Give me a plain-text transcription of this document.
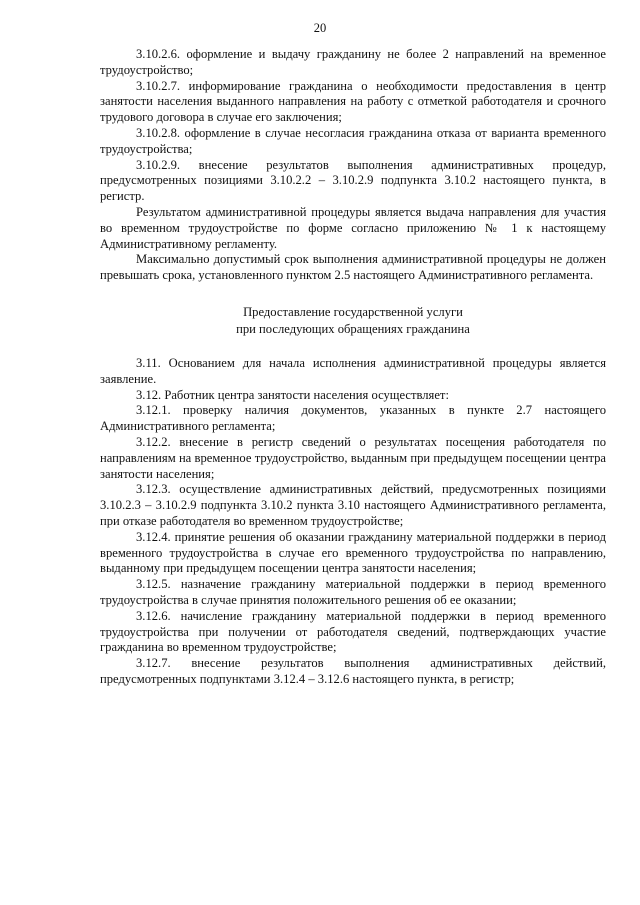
20

3.10.2.6. оформление и выдачу гражданину не более 2 направлений на временное трудоустройство;

3.10.2.7. информирование гражданина о необходимости предоставления в центр занятости населения выданного направления на работу с отметкой работодателя и срочного трудового договора в случае его заключения;

3.10.2.8. оформление в случае несогласия гражданина отказа от варианта временного трудоустройства;

3.10.2.9. внесение результатов выполнения административных процедур, предусмотренных позициями 3.10.2.2 – 3.10.2.9 подпункта 3.10.2 настоящего пункта, в регистр.

Результатом административной процедуры является выдача направления для участия во временном трудоустройстве по форме согласно приложению № 1 к настоящему Административному регламенту.

Максимально допустимый срок выполнения административной процедуры не должен превышать срока, установленного пунктом 2.5 настоящего Административного регламента.

Предоставление государственной услуги
при последующих обращениях гражданина

3.11. Основанием для начала исполнения административной процедуры является заявление.

3.12. Работник центра занятости населения осуществляет:

3.12.1. проверку наличия документов, указанных в пункте 2.7 настоящего Административного регламента;

3.12.2. внесение в регистр сведений о результатах посещения работодателя по направлениям на временное трудоустройство, выданным при предыдущем посещении центра занятости населения;

3.12.3. осуществление административных действий, предусмотренных позициями 3.10.2.3 – 3.10.2.9 подпункта 3.10.2 пункта 3.10 настоящего Административного регламента, при отказе работодателя во временном трудоустройстве;

3.12.4. принятие решения об оказании гражданину материальной поддержки в период временного трудоустройства в случае его временного трудоустройства по направлению, выданному при предыдущем посещении центра занятости населения;

3.12.5. назначение гражданину материальной поддержки в период временного трудоустройства в случае принятия положительного решения об ее оказании;

3.12.6. начисление гражданину материальной поддержки в период временного трудоустройства при получении от работодателя сведений, подтверждающих участие гражданина во временном трудоустройстве;

3.12.7. внесение результатов выполнения административных действий, предусмотренных подпунктами 3.12.4 – 3.12.6 настоящего пункта, в регистр;
